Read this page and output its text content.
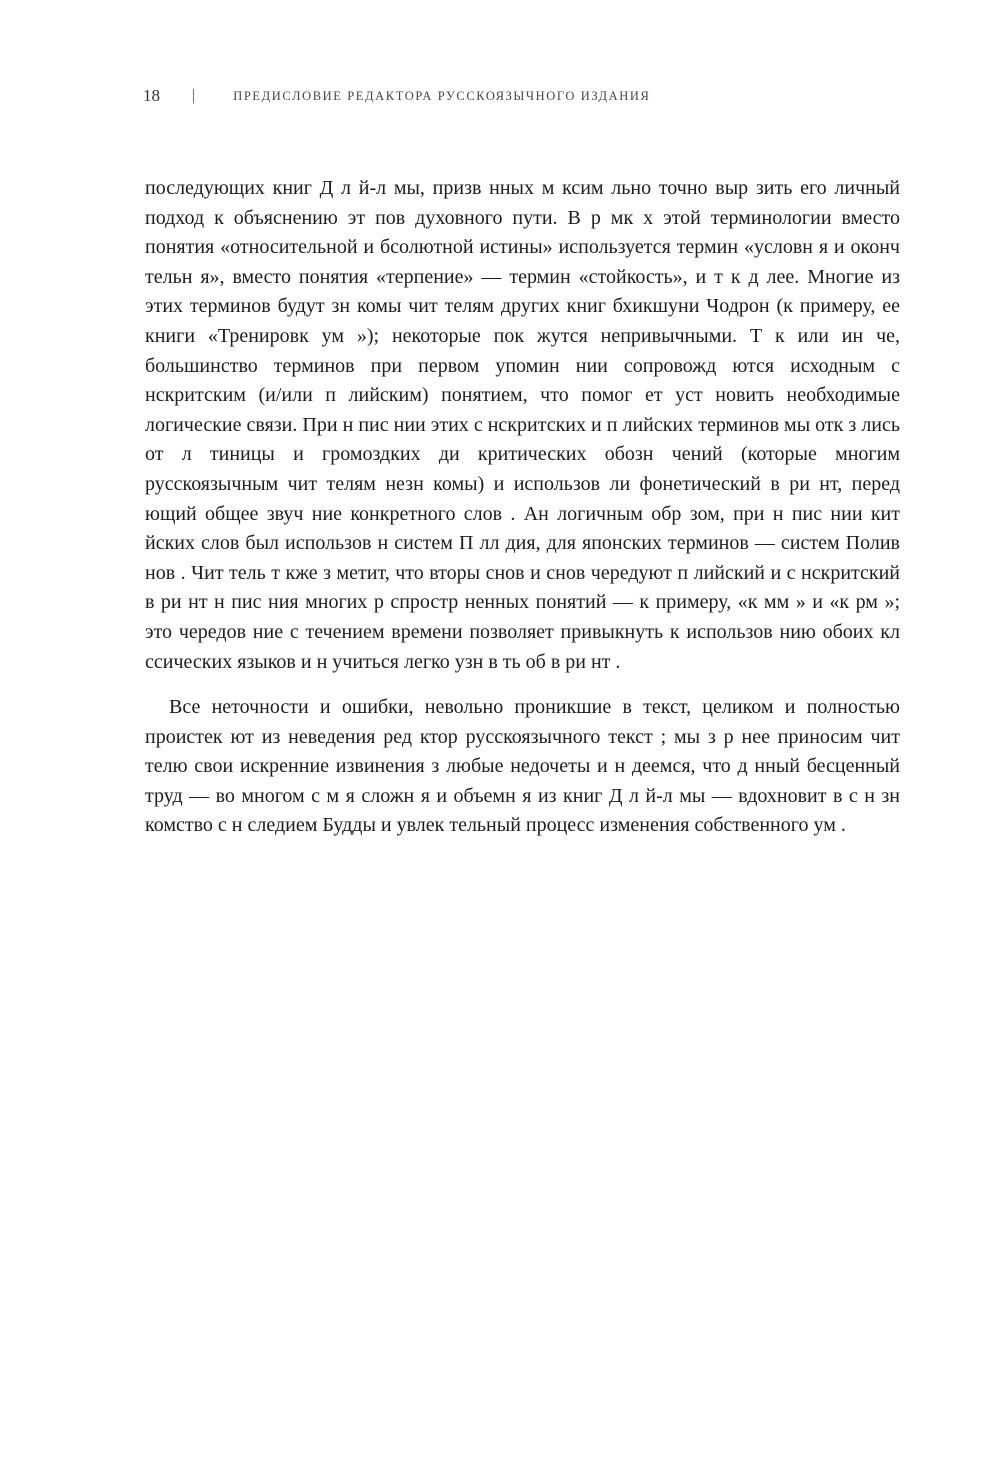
18 |	ПРЕДИСЛОВИЕ РЕДАКТОРА РУССКОЯЗЫЧНОГО ИЗДАНИЯ

последующих книг Д л й-л мы, призв нных м ксим льно точно выр зить его личный подход к объяснению эт пов духовного пути. В р мк х этой терминологии вместо понятия «относительной и бсолютной истины» используется термин «условн я и оконч тельн я», вместо понятия «терпение» — термин «стойкость», и т к д лее. Многие из этих терминов будут зн комы чит телям других книг бхикшуни Чодрон (к примеру, ее книги «Тренировк ум »); некоторые пок жутся непривычными. Т к или ин че, большинство терминов при первом упомин нии сопровожд ются исходным с нскритским (и/или п лийским) понятием, что помог ет уст новить необходимые логические связи. При н пис нии этих с нскритских и п лийских терминов мы отк з лись от л тиницы и громоздких ди критических обозн чений (которые многим русскоязычным чит телям незн комы) и использов ли фонетический в ри нт, перед ющий общее звуч ние конкретного слов . Ан логичным обр зом, при н пис нии кит йских слов был использов н систем П лл дия, для японских терминов — систем Полив нов . Чит тель т кже з метит, что вторы снов и снов чередуют п лийский и с нскритский в ри нт н пис ния многих р спростр ненных понятий — к примеру, «к мм » и «к рм »; это чередов ние с течением времени позволяет привыкнуть к использов нию обоих кл ссических языков и н учиться легко узн в ть об в ри нт .

Все неточности и ошибки, невольно проникшие в текст, целиком и полностью проистек ют из неведения ред ктор русскоязычного текст ; мы з р нее приносим чит телю свои искренние извинения з любые недочеты и н деемся, что д нный бесценный труд — во многом с м я сложн я и объемн я из книг Д л й-л мы — вдохновит в с н зн комство с н следием Будды и увлек тельный процесс изменения собственного ум .
